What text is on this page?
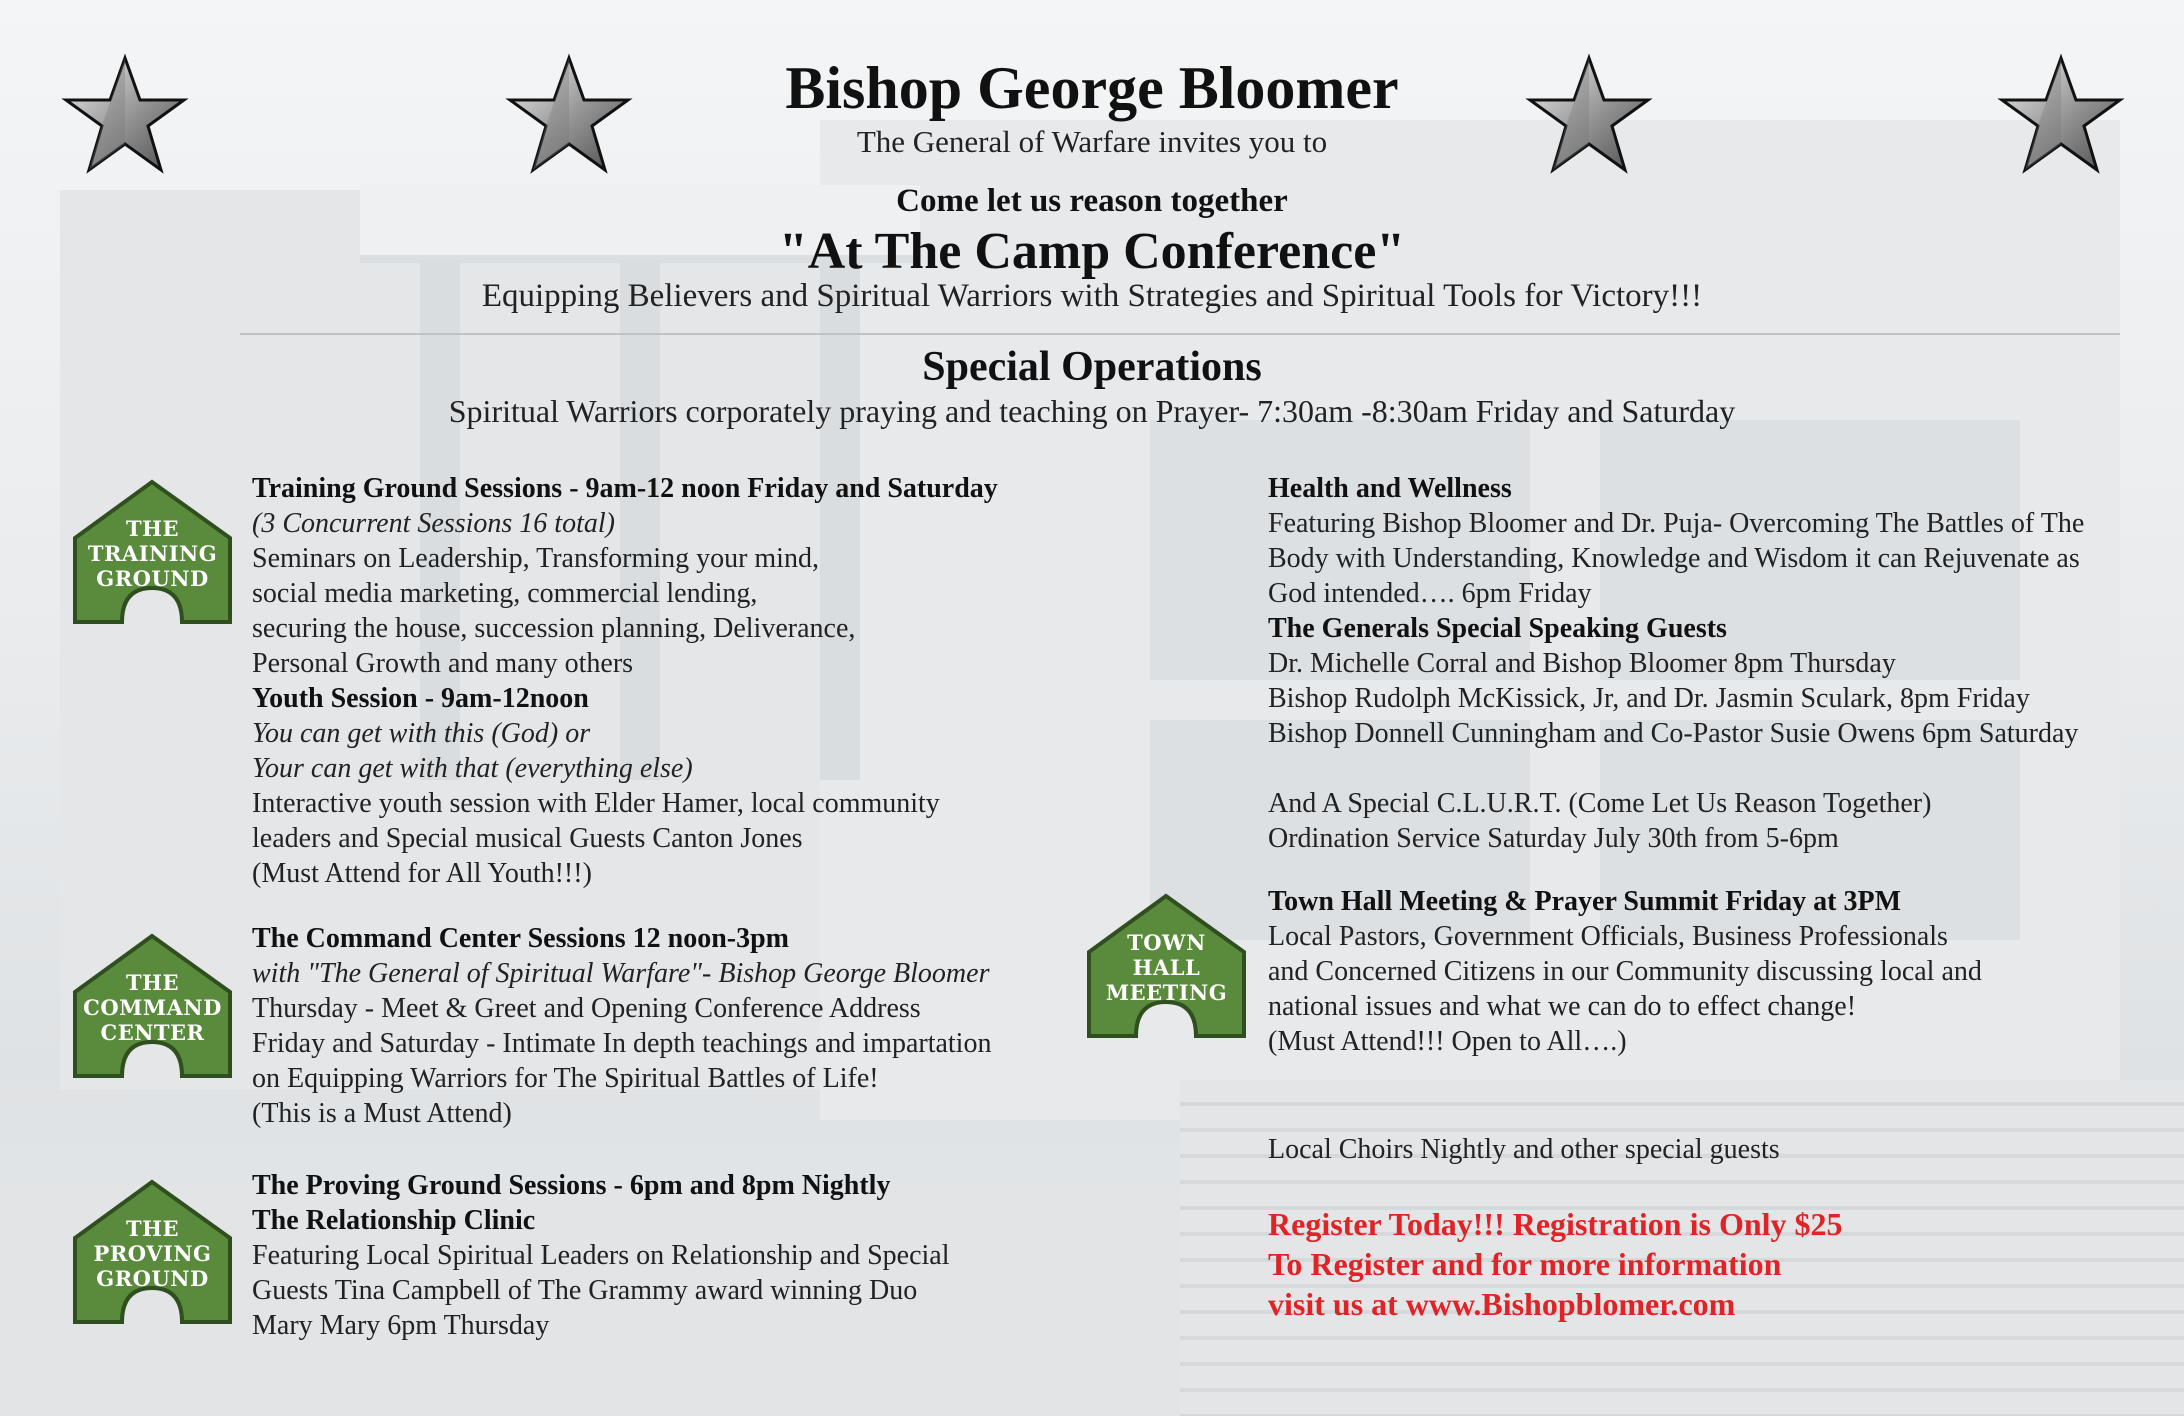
Bishop George Bloomer
The General of Warfare invites you to
Come let us reason together
"At The Camp Conference"
Equipping Believers and Spiritual Warriors with Strategies and Spiritual Tools for Victory!!!
Special Operations
Spiritual Warriors corporately praying and teaching on Prayer- 7:30am -8:30am Friday and Saturday
THE
TRAINING
GROUND
THE
COMMAND
CENTER
THE
PROVING
GROUND
TOWN
HALL
MEETING
Training Ground Sessions - 9am-12 noon Friday and Saturday
(3 Concurrent Sessions 16 total)
Seminars on Leadership, Transforming your mind,
social media marketing, commercial lending,
securing the house, succession planning, Deliverance,
Personal Growth and many others
Youth Session - 9am-12noon
You can get with this (God) or
Your can get with that (everything else)
Interactive youth session with Elder Hamer, local community
leaders and Special musical Guests Canton Jones
(Must Attend for All Youth!!!)
The Command Center Sessions 12 noon-3pm
with "The General of Spiritual Warfare"- Bishop George Bloomer
Thursday - Meet & Greet and Opening Conference Address
Friday and Saturday - Intimate In depth teachings and impartation
on Equipping Warriors for The Spiritual Battles of Life!
(This is a Must Attend)
The Proving Ground Sessions - 6pm and 8pm Nightly
The Relationship Clinic
Featuring Local Spiritual Leaders on Relationship and Special
Guests Tina Campbell of The Grammy award winning Duo
Mary Mary 6pm Thursday
Health and Wellness
Featuring Bishop Bloomer and Dr. Puja- Overcoming The Battles of The
Body with Understanding, Knowledge and Wisdom it can Rejuvenate as
God intended…. 6pm Friday
The Generals Special Speaking Guests
Dr. Michelle Corral and Bishop Bloomer 8pm Thursday
Bishop Rudolph McKissick, Jr, and Dr. Jasmin Sculark, 8pm Friday
Bishop Donnell Cunningham and Co-Pastor Susie Owens 6pm Saturday
And A Special C.L.U.R.T. (Come Let Us Reason Together)
Ordination Service Saturday July 30th from 5-6pm
Town Hall Meeting & Prayer Summit Friday at 3PM
Local Pastors, Government Officials, Business Professionals
and Concerned Citizens in our Community discussing local and
national issues and what we can do to effect change!
(Must Attend!!! Open to All….)
Local Choirs Nightly and other special guests
Register Today!!! Registration is Only $25
To Register and for more information
visit us at www.Bishopblomer.com
